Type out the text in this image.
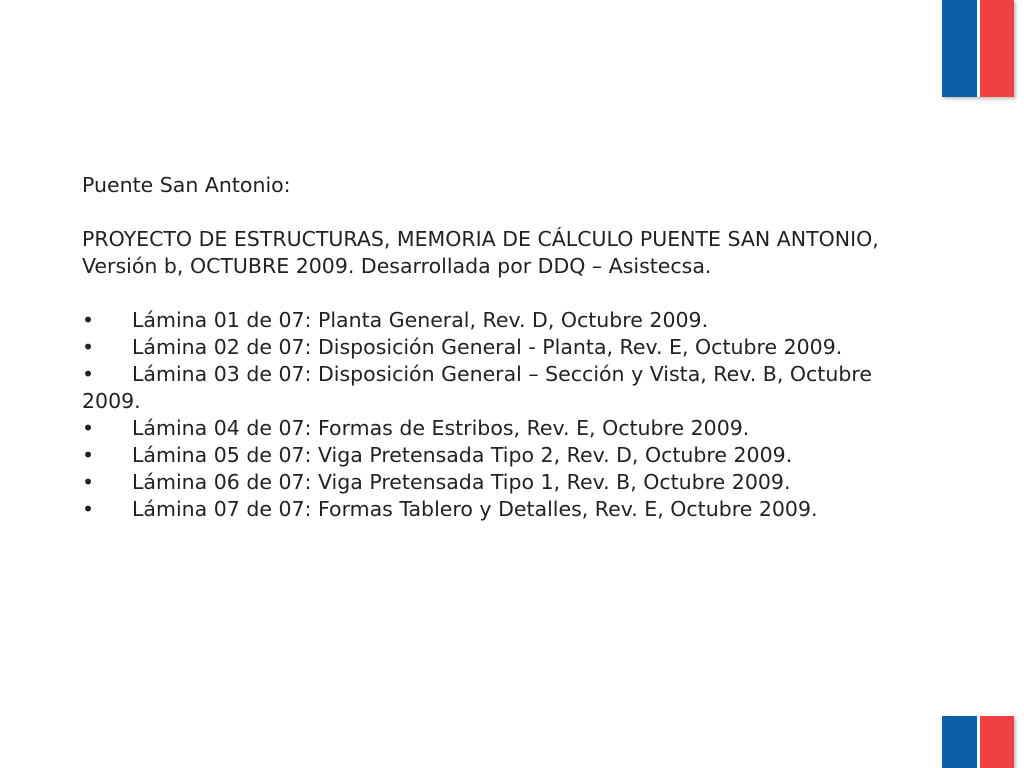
Puente San Antonio:

PROYECTO DE ESTRUCTURAS, MEMORIA DE CÁLCULO PUENTE SAN ANTONIO, Versión b, OCTUBRE 2009. Desarrollada por DDQ – Asistecsa.

• Lámina 01 de 07: Planta General, Rev. D, Octubre 2009.

• Lámina 02 de 07: Disposición General - Planta, Rev. E, Octubre 2009.

• Lámina 03 de 07: Disposición General – Sección y Vista, Rev. B, Octubre 2009.

• Lámina 04 de 07: Formas de Estribos, Rev. E, Octubre 2009.

• Lámina 05 de 07: Viga Pretensada Tipo 2, Rev. D, Octubre 2009.

• Lámina 06 de 07: Viga Pretensada Tipo 1, Rev. B, Octubre 2009.

• Lámina 07 de 07: Formas Tablero y Detalles, Rev. E, Octubre 2009.
